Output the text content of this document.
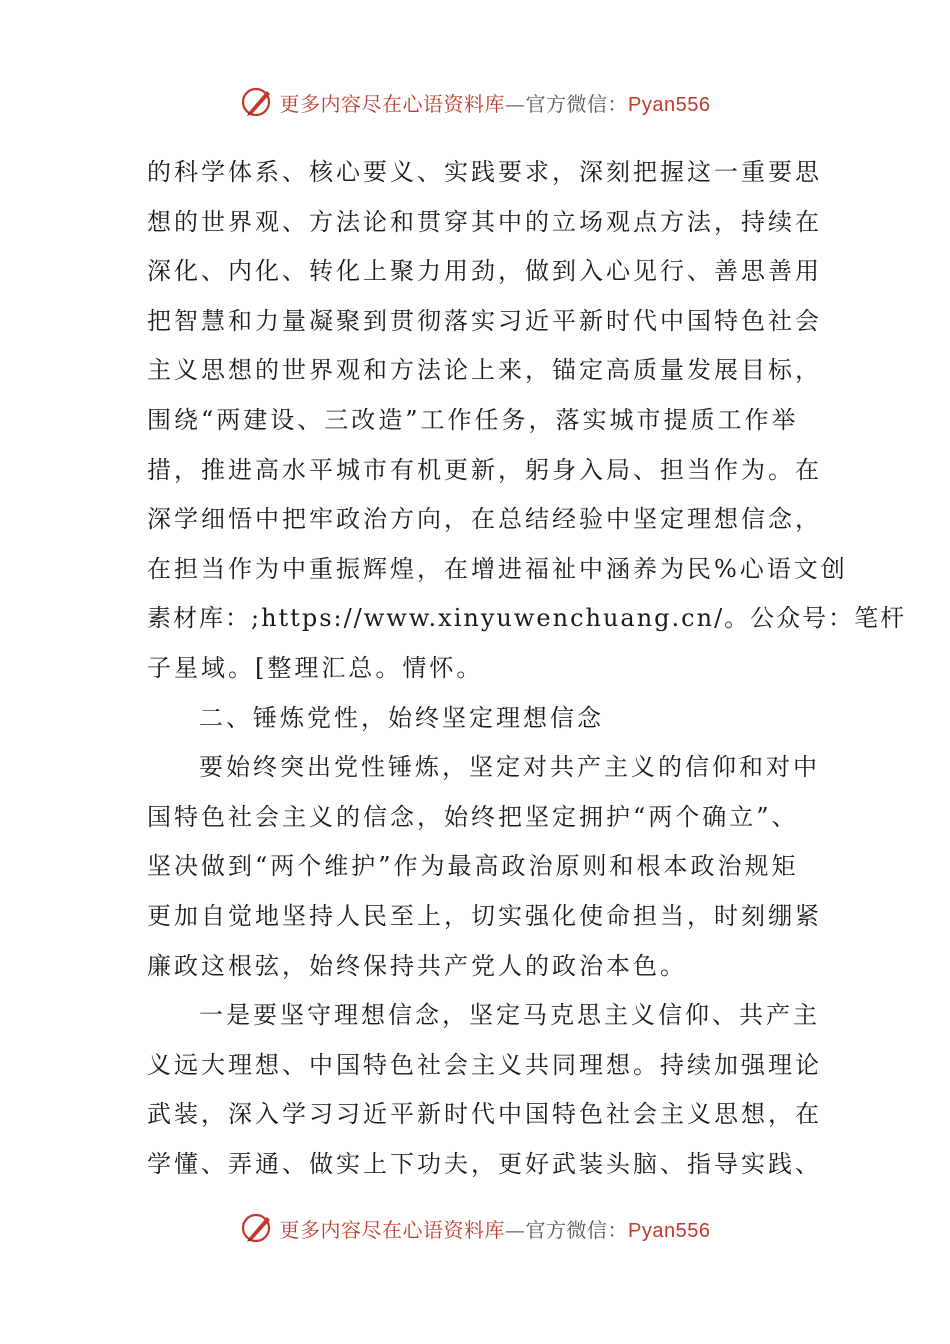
更多内容尽在心语资料库—官方微信：Pyan556
的科学体系、核心要义、实践要求，深刻把握这一重要思
想的世界观、方法论和贯穿其中的立场观点方法，持续在
深化、内化、转化上聚力用劲，做到入心见行、善思善用
把智慧和力量凝聚到贯彻落实习近平新时代中国特色社会
主义思想的世界观和方法论上来，锚定高质量发展目标，
围绕“两建设、三改造”工作任务，落实城市提质工作举
措，推进高水平城市有机更新，躬身入局、担当作为。在
深学细悟中把牢政治方向，在总结经验中坚定理想信念，
在担当作为中重振辉煌，在增进福祉中涵养为民%心语文创
素材库：;https://www.xinyuwenchuang.cn/。公众号：笔杆
子星域。[整理汇总。情怀。
二、锤炼党性，始终坚定理想信念
要始终突出党性锤炼，坚定对共产主义的信仰和对中
国特色社会主义的信念，始终把坚定拥护“两个确立”、
坚决做到“两个维护”作为最高政治原则和根本政治规矩
更加自觉地坚持人民至上，切实强化使命担当，时刻绷紧
廉政这根弦，始终保持共产党人的政治本色。
一是要坚守理想信念，坚定马克思主义信仰、共产主
义远大理想、中国特色社会主义共同理想。持续加强理论
武装，深入学习习近平新时代中国特色社会主义思想，在
学懂、弄通、做实上下功夫，更好武装头脑、指导实践、
更多内容尽在心语资料库—官方微信：Pyan556
